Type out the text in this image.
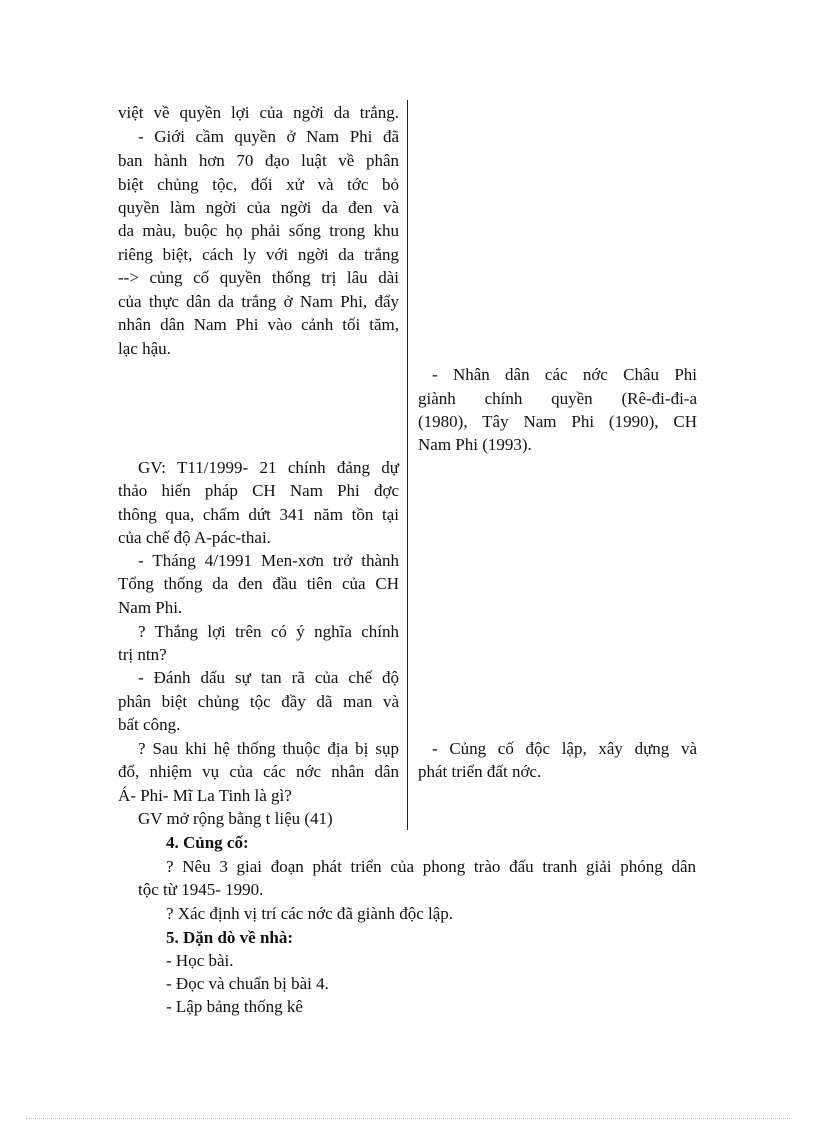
việt về quyền lợi của ngời da trắng.
- Giới cầm quyền ở Nam Phi đã
ban hành hơn 70 đạo luật về phân
biệt chủng tộc, đối xử và tớc bỏ
quyền làm ngời của ngời da đen và
da màu, buộc họ phải sống trong khu
riêng biệt, cách ly với ngời da trắng
--> củng cố quyền thống trị lâu dài
của thực dân da trắng ở Nam Phi, đẩy
nhân dân Nam Phi vào cảnh tối tăm,
lạc hậu.
GV: T11/1999- 21 chính đảng dự
thảo hiến pháp CH Nam Phi đợc
thông qua, chấm dứt 341 năm tồn tại
của chế độ A-pác-thai.
- Tháng 4/1991 Men-xơn trở thành
Tổng thống da đen đầu tiên của CH
Nam Phi.
? Thắng lợi trên có ý nghĩa chính
trị ntn?
- Đánh dấu sự tan rã của chế độ
phân biệt chủng tộc đầy dã man và
bất công.
? Sau khi hệ thống thuộc địa bị sụp
đổ, nhiệm vụ của các nớc nhân dân
Á- Phi- Mĩ La Tinh là gì?
GV mở rộng bằng t liệu (41)
- Nhân dân các nớc Châu Phi
giành chính quyền (Rê-đi-đi-a
(1980), Tây Nam Phi (1990), CH
Nam Phi (1993).
- Củng cố độc lập, xây dựng và
phát triển đất nớc.
4. Củng cố:
? Nêu 3 giai đoạn phát triển của phong trào đấu tranh giải phóng dân
tộc từ 1945- 1990.
? Xác định vị trí các nớc đã giành độc lập.
5. Dặn dò về nhà:
- Học bài.
- Đọc và chuẩn bị bài 4.
- Lập bảng thống kê
